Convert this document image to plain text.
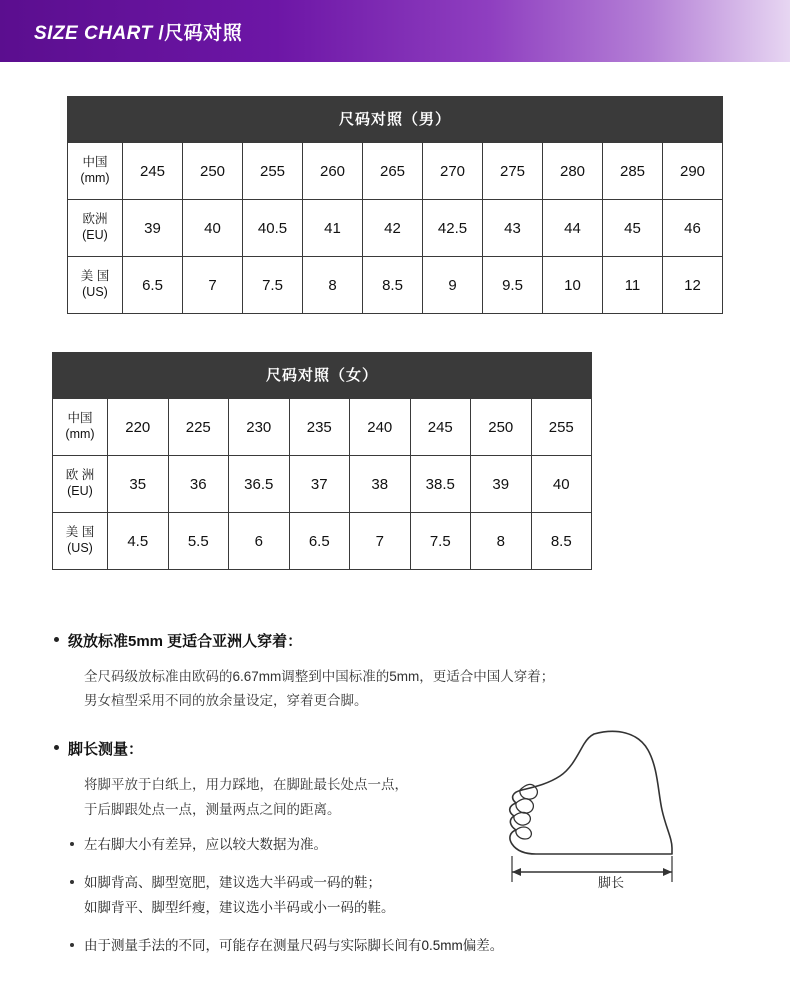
SIZE CHART /尺码对照
尺码对照（男）
中国
(mm)	245	250	255	260	265	270	275	280	285	290
欧洲
(EU)	39	40	40.5	41	42	42.5	43	44	45	46
美 国
(US)	6.5	7	7.5	8	8.5	9	9.5	10	11	12
尺码对照（女）
中国
(mm)	220	225	230	235	240	245	250	255
欧 洲
(EU)	35	36	36.5	37	38	38.5	39	40
美 国
(US)	4.5	5.5	6	6.5	7	7.5	8	8.5
级放标准5mm 更适合亚洲人穿着：

全尺码级放标准由欧码的6.67mm调整到中国标准的5mm，更适合中国人穿着；
男女楦型采用不同的放余量设定，穿着更合脚。

脚长测量：

将脚平放于白纸上，用力踩地，在脚趾最长处点一点，
于后脚跟处点一点，测量两点之间的距离。

左右脚大小有差异，应以较大数据为准。
如脚背高、脚型宽肥，建议选大半码或一码的鞋；
如脚背平、脚型纤瘦，建议选小半码或小一码的鞋。
由于测量手法的不同，可能存在测量尺码与实际脚长间有0.5mm偏差。
脚长
